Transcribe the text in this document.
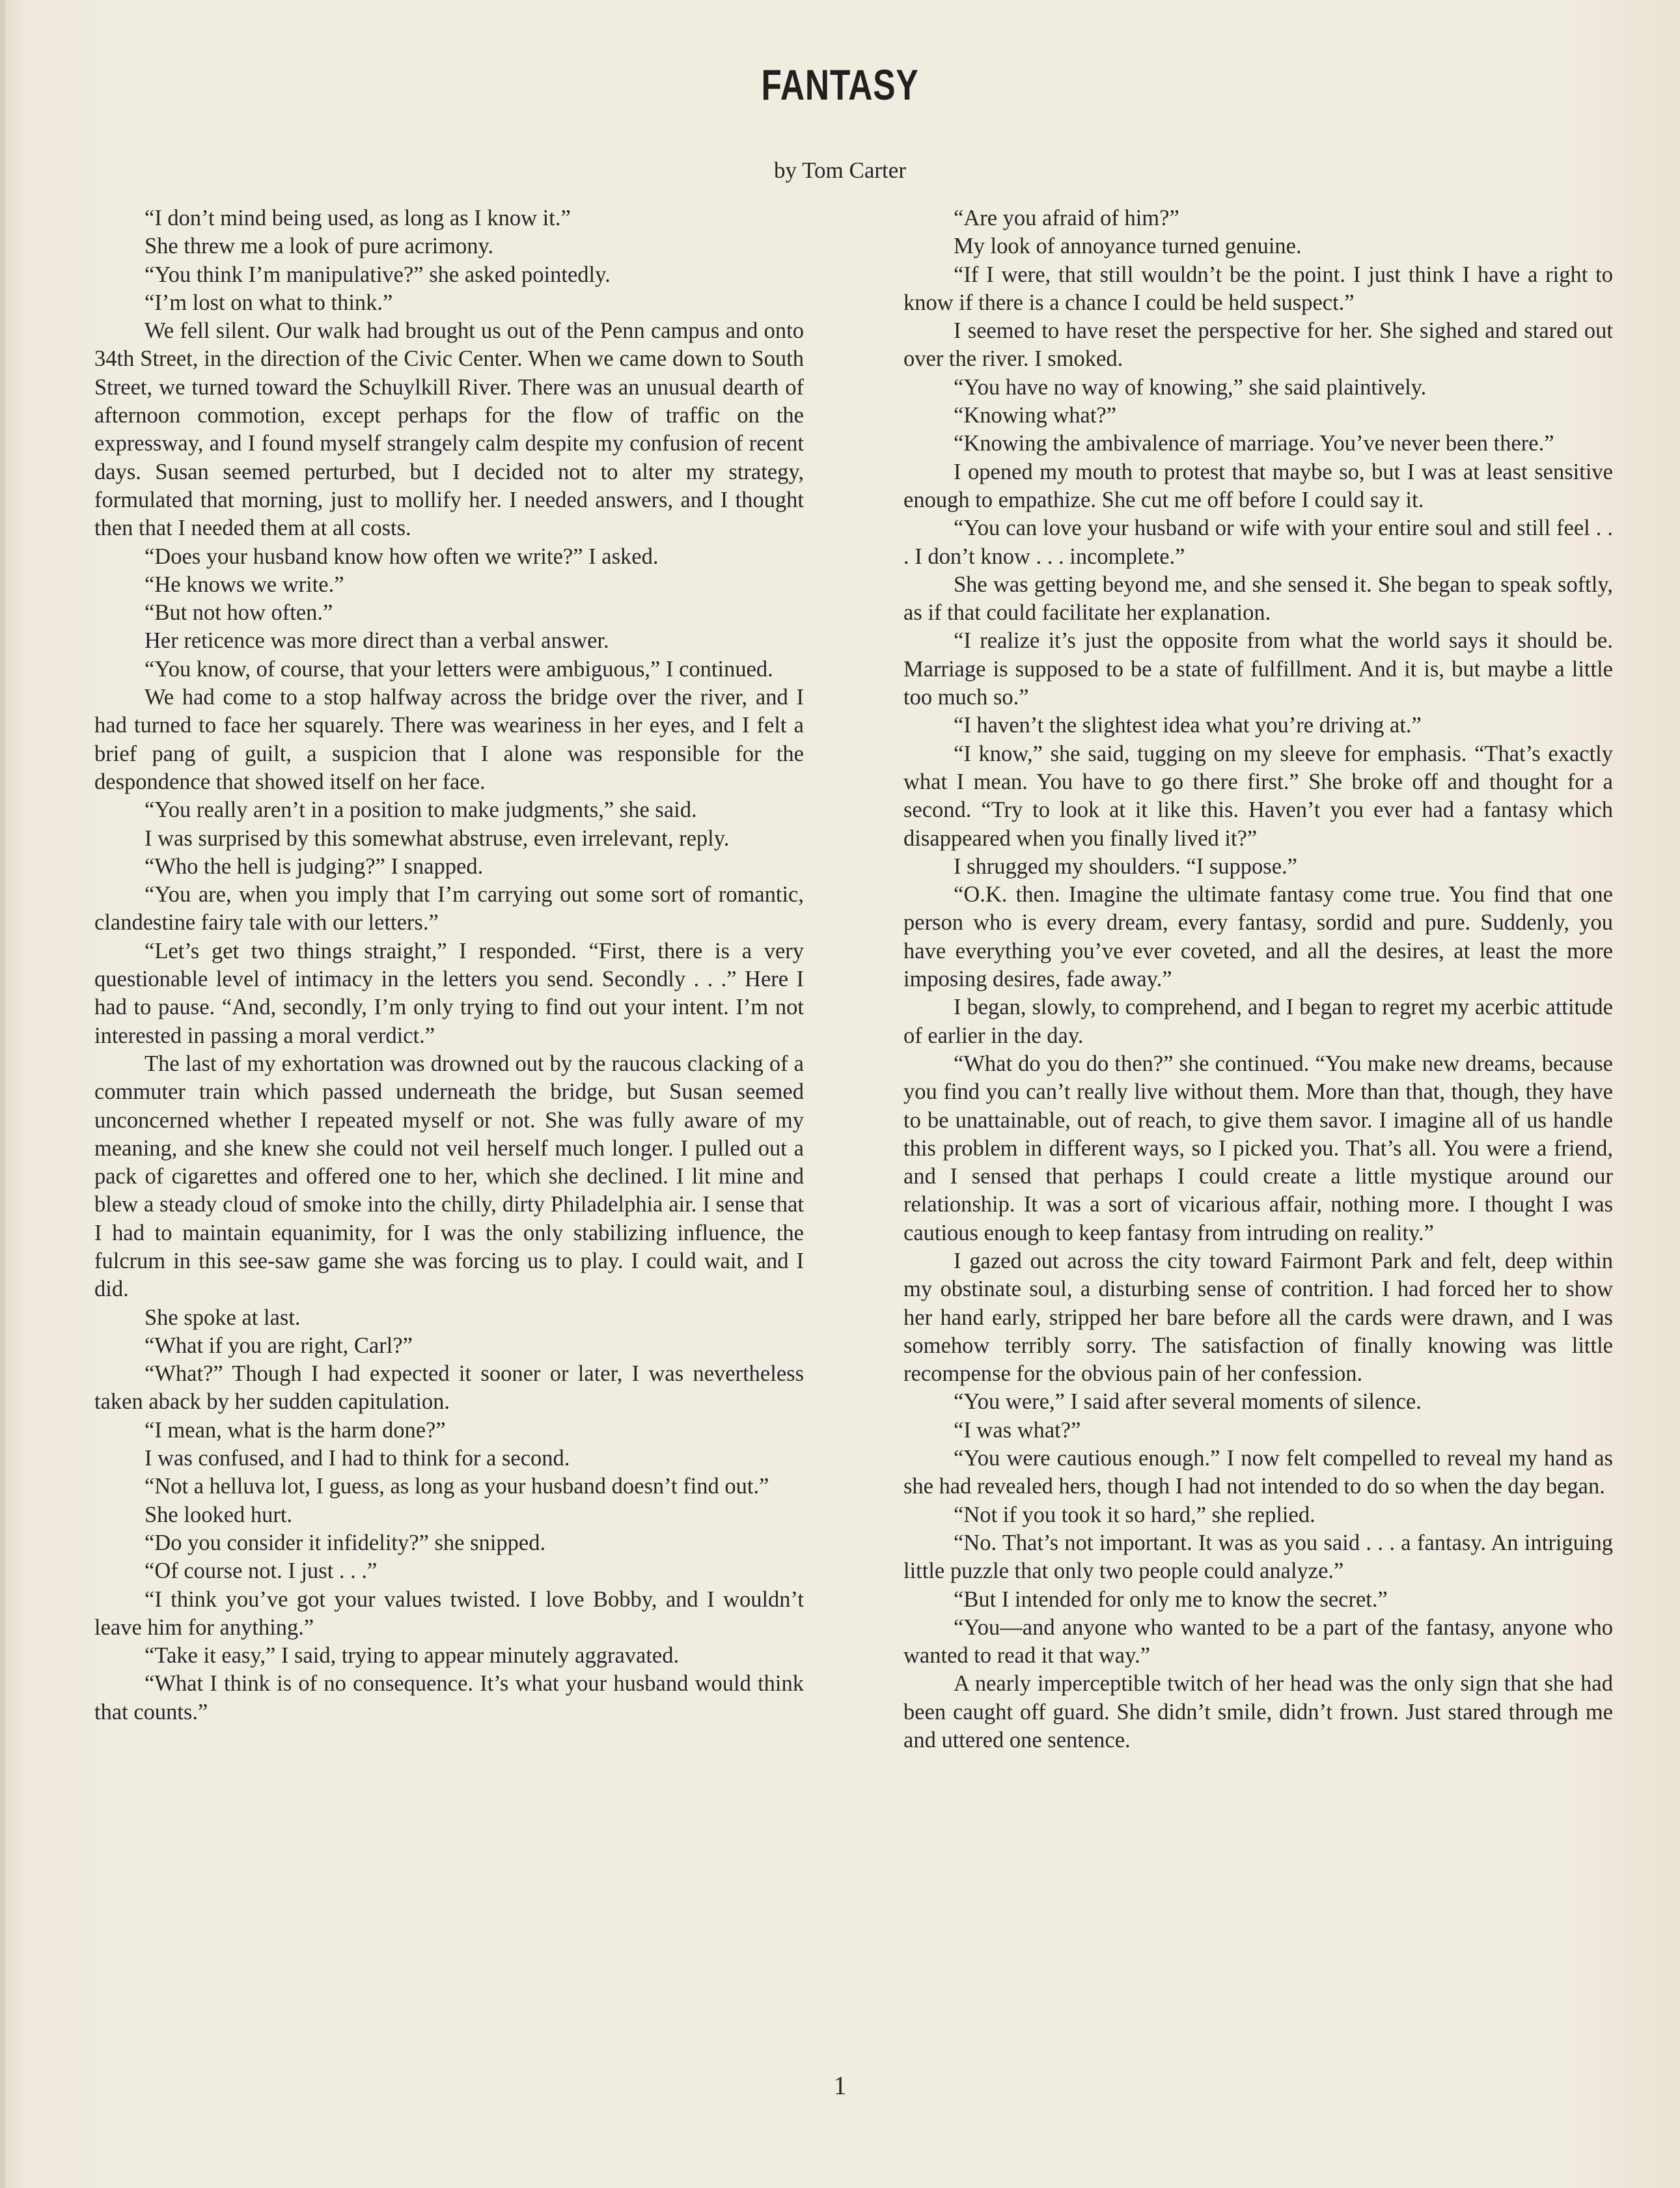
FANTASY
by Tom Carter

“I don’t mind being used, as long as I know it.”

She threw me a look of pure acrimony.

“You think I’m manipulative?” she asked pointedly.

“I’m lost on what to think.”

We fell silent. Our walk had brought us out of the Penn campus and onto 34th Street, in the direction of the Civic Center. When we came down to South Street, we turned toward the Schuylkill River. There was an unusual dearth of afternoon commotion, except perhaps for the flow of traffic on the expressway, and I found myself strangely calm despite my confusion of recent days. Susan seemed perturbed, but I decided not to alter my strategy, formulated that morning, just to mollify her. I needed answers, and I thought then that I needed them at all costs.

“Does your husband know how often we write?” I asked.

“He knows we write.”

“But not how often.”

Her reticence was more direct than a verbal answer.

“You know, of course, that your letters were ambiguous,” I continued.

We had come to a stop halfway across the bridge over the river, and I had turned to face her squarely. There was weariness in her eyes, and I felt a brief pang of guilt, a suspicion that I alone was responsible for the despondence that showed itself on her face.

“You really aren’t in a position to make judgments,” she said.

I was surprised by this somewhat abstruse, even irrelevant, reply.

“Who the hell is judging?” I snapped.

“You are, when you imply that I’m carrying out some sort of romantic, clandestine fairy tale with our letters.”

“Let’s get two things straight,” I responded. “First, there is a very questionable level of intimacy in the letters you send. Secondly . . .” Here I had to pause. “And, secondly, I’m only trying to find out your intent. I’m not interested in passing a moral verdict.”

The last of my exhortation was drowned out by the raucous clacking of a commuter train which passed underneath the bridge, but Susan seemed unconcerned whether I repeated myself or not. She was fully aware of my meaning, and she knew she could not veil herself much longer. I pulled out a pack of cigarettes and offered one to her, which she declined. I lit mine and blew a steady cloud of smoke into the chilly, dirty Philadelphia air. I sense that I had to maintain equanimity, for I was the only stabilizing influence, the fulcrum in this see-saw game she was forcing us to play. I could wait, and I did.

She spoke at last.

“What if you are right, Carl?”

“What?” Though I had expected it sooner or later, I was nevertheless taken aback by her sudden capitulation.

“I mean, what is the harm done?”

I was confused, and I had to think for a second.

“Not a helluva lot, I guess, as long as your husband doesn’t find out.”

She looked hurt.

“Do you consider it infidelity?” she snipped.

“Of course not. I just . . .”

“I think you’ve got your values twisted. I love Bobby, and I wouldn’t leave him for anything.”

“Take it easy,” I said, trying to appear minutely aggravated.

“What I think is of no consequence. It’s what your husband would think that counts.”

“Are you afraid of him?”

My look of annoyance turned genuine.

“If I were, that still wouldn’t be the point. I just think I have a right to know if there is a chance I could be held suspect.”

I seemed to have reset the perspective for her. She sighed and stared out over the river. I smoked.

“You have no way of knowing,” she said plaintively.

“Knowing what?”

“Knowing the ambivalence of marriage. You’ve never been there.”

I opened my mouth to protest that maybe so, but I was at least sensitive enough to empathize. She cut me off before I could say it.

“You can love your husband or wife with your entire soul and still feel . . . I don’t know . . . incomplete.”

She was getting beyond me, and she sensed it. She began to speak softly, as if that could facilitate her explanation.

“I realize it’s just the opposite from what the world says it should be. Marriage is supposed to be a state of fulfillment. And it is, but maybe a little too much so.”

“I haven’t the slightest idea what you’re driving at.”

“I know,” she said, tugging on my sleeve for emphasis. “That’s exactly what I mean. You have to go there first.” She broke off and thought for a second. “Try to look at it like this. Haven’t you ever had a fantasy which disappeared when you finally lived it?”

I shrugged my shoulders. “I suppose.”

“O.K. then. Imagine the ultimate fantasy come true. You find that one person who is every dream, every fantasy, sordid and pure. Suddenly, you have everything you’ve ever coveted, and all the desires, at least the more imposing desires, fade away.”

I began, slowly, to comprehend, and I began to regret my acerbic attitude of earlier in the day.

“What do you do then?” she continued. “You make new dreams, because you find you can’t really live without them. More than that, though, they have to be unattainable, out of reach, to give them savor. I imagine all of us handle this problem in different ways, so I picked you. That’s all. You were a friend, and I sensed that perhaps I could create a little mystique around our relationship. It was a sort of vicarious affair, nothing more. I thought I was cautious enough to keep fantasy from intruding on reality.”

I gazed out across the city toward Fairmont Park and felt, deep within my obstinate soul, a disturbing sense of contrition. I had forced her to show her hand early, stripped her bare before all the cards were drawn, and I was somehow terribly sorry. The satisfaction of finally knowing was little recompense for the obvious pain of her confession.

“You were,” I said after several moments of silence.

“I was what?”

“You were cautious enough.” I now felt compelled to reveal my hand as she had revealed hers, though I had not intended to do so when the day began.

“Not if you took it so hard,” she replied.

“No. That’s not important. It was as you said . . . a fantasy. An intriguing little puzzle that only two people could analyze.”

“But I intended for only me to know the secret.”

“You—and anyone who wanted to be a part of the fantasy, anyone who wanted to read it that way.”

A nearly imperceptible twitch of her head was the only sign that she had been caught off guard. She didn’t smile, didn’t frown. Just stared through me and uttered one sentence.

1
